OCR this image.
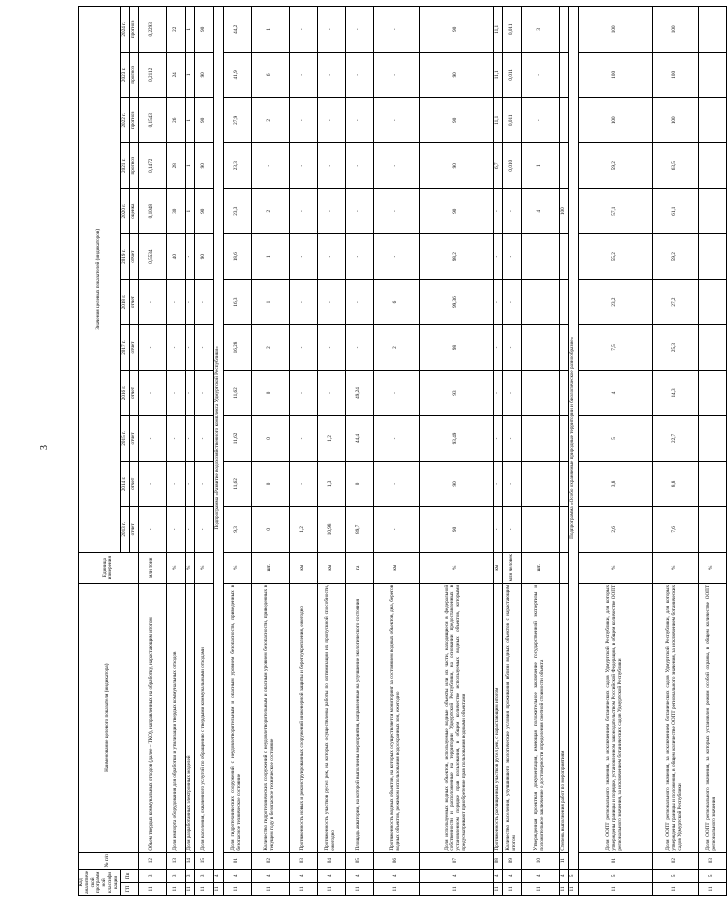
3
Код аналитической программной классификации		№ п/п	Наименование целевого показателя (индикатора)	Единица измерения	Значения целевых показателей (индикаторов)											
ГП	Пп				2013 г.	2014 г.	2015 г.	2016 г.	2017 г.	2018 г.	2019 г.	2020 г.	2021 г.	2022 г.	2023 г.	2024 г.
					отчет	отчет	отчет	отчет	отчет	отчет	отчет	оценка	прогноз	прогноз	прогноз	прогноз
11	3	12	Объем твердых коммунальных отходов (далее – ТКО), направленных на обработку, нарастающим итогом	млн тонн	-	-	-	-	-	-	0,5534	0,1048	0,1472	0,1543	0,2112	0,2293
11	3	13	Доля импорта оборудования для обработки и утилизации твердых коммунальных отходов	%	-	-	-	-	-	-	40	30	28	26	24	22
11	3	14	Доля разработанных электронных моделей	%	-	-	-	-	-	-	-	1	1	1	1	1
11	3	15	Доля населения, охваченного услугой по обращению с твердыми коммунальными отходами	%	-	-	-	-	-	-	90	90	90	90	90	90
11	4	Подпрограмма «Развитие водохозяйственного комплекса Удмуртской Республики»														
11	4	01	Доля гидротехнических сооружений с неудовлетворительным и опасным уровнем безопасности, приведенных в безопасное техническое состояние	%	9,3	11,62	11,62	11,62	16,28	16,3	18,6	23,3	23,3	27,9	41,9	44,2
11	4	02	Количество гидротехнических сооружений с неудовлетворительным и опасным уровнем безопасности, приведенных в текущем году в безопасное техническое состояние	шт.	0	0	0	0	2	1	1	2	-	2	6	1
11	4	03	Протяженность новых и реконструированных сооружений инженерной защиты и берегоукрепления, ежегодно	км	1,2	-	-	-	-	-	-	-	-	-	-	-
11	4	04	Протяженность участков русел рек, на которых осуществлены работы по оптимизации их пропускной способности, ежегодно	км	10,98	1,3	1,2	-	-	-	-	-	-	-	-	-
11	4	05	Площадь акватории, на которой выполнены мероприятия, направленные на улучшение экологического состояния	га	89,7	0	44,4	49,24	-	-	-	-	-	-	-	-
11	4	06	Протяженность водных объектов, на которых осуществляется мониторинг за состоянием водных объектов, дна, берегов водных объектов, режимом использования водоохранных зон, ежегодно	км	-	-	-	-	2	6	-	-	-	-	-	-
11	4	07	Доля используемых водных объектов, используемые водные объекты или их части, находящиеся в федеральной собственности и расположенные на территории Удмуртской Республики, на основании предоставленных в установленном порядке прав пользования, в общем количестве используемых водных объектов, которыми предусматривают приобретение прав пользования водными объектами	%	90	90	93,49	93	98	99,36	98,2	90	90	90	90	90
11	4	08	Протяженность расчищенных участков русел рек, с нарастающим итогом	км	-	-	-	-	-	-	-	-	6,7	11,1	11,1	11,1
11	4	09	Количество населения, улучшившего экологические условия проживания вблизи водных объектов с нарастающим итогом	млн человек	-	-	-	-	-	-	-	-	0,010	0,011	0,011	0,011
11	4	10	Утвержденная проектная документация, имеющая положительное заключение государственной экспертизы и положительное заключение о достоверности определения сметной стоимости объекта	шт.								4	1	-	-	3
11	4	11	Степень выполнения работ по мероприятиям									100				
11	5	Подпрограмма «Особо охраняемые природные территории и биологическое разнообразие»														
11	5	01	Доля ООПТ регионального значения, за исключением ботанических садов Удмуртской Республики, для которых утверждены границы и порядке, установленном законодательством Российской Федерации, в общем количестве ООПТ регионального значения, за исключением ботанических садов Удмуртской Республики	%	2,6	3,8	5	4	7,5	23,2	55,2	57,1	59,2	100	100	100
11	5	02	Доля ООПТ регионального значения, за исключением ботанических садов Удмуртской Республики, для которых утверждены границы и положения, в общем количестве ООПТ регионального значения, за исключением ботанических садов Удмуртской Республики	%	7,6	8,8	22,7	14,3	25,3	27,2	59,2	61,1	63,5	100	100	100
11	5	03	Доля ООПТ регионального значения, за которых установлен режим особой охраны, в общем количестве ООПТ регионального значения	%												
